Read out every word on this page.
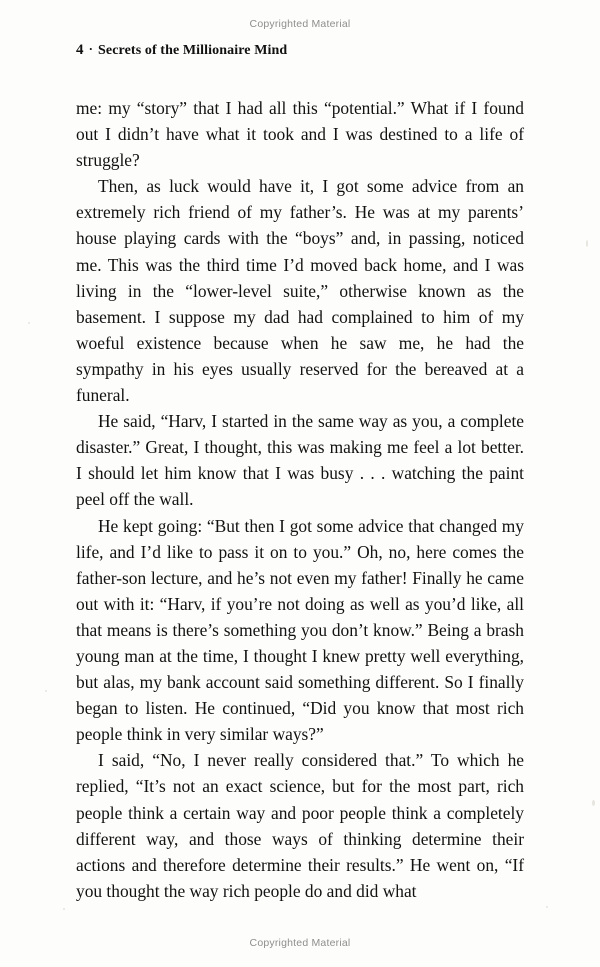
Copyrighted Material
4 · Secrets of the Millionaire Mind

me: my “story” that I had all this “potential.” What if I found out I didn’t have what it took and I was destined to a life of struggle?

Then, as luck would have it, I got some advice from an extremely rich friend of my father’s. He was at my parents’ house playing cards with the “boys” and, in passing, noticed me. This was the third time I’d moved back home, and I was living in the “lower-level suite,” otherwise known as the basement. I suppose my dad had complained to him of my woeful existence because when he saw me, he had the sympathy in his eyes usually reserved for the bereaved at a funeral.

He said, “Harv, I started in the same way as you, a complete disaster.” Great, I thought, this was making me feel a lot better. I should let him know that I was busy . . . watching the paint peel off the wall.

He kept going: “But then I got some advice that changed my life, and I’d like to pass it on to you.” Oh, no, here comes the father-son lecture, and he’s not even my father! Finally he came out with it: “Harv, if you’re not doing as well as you’d like, all that means is there’s something you don’t know.” Being a brash young man at the time, I thought I knew pretty well everything, but alas, my bank account said something different. So I finally began to listen. He continued, “Did you know that most rich people think in very similar ways?”

I said, “No, I never really considered that.” To which he replied, “It’s not an exact science, but for the most part, rich people think a certain way and poor people think a completely different way, and those ways of thinking determine their actions and therefore determine their results.” He went on, “If you thought the way rich people do and did what

Copyrighted Material
